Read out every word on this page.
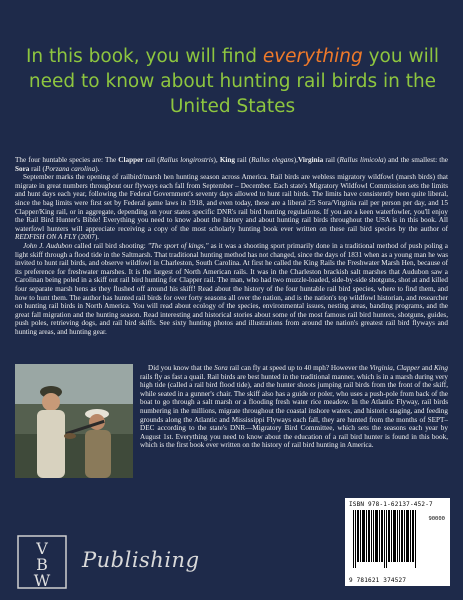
In this book, you will find everything you will need to know about hunting rail birds in the United States

The four huntable species are: The Clapper rail (Rallus longirostris), King rail (Rallus elegans),Virginia rail (Rallus limicola) and the smallest: the Sora rail (Porzana carolina).

September marks the opening of railbird/marsh hen hunting season across America. Rail birds are webless migratory wildfowl (marsh birds) that migrate in great numbers throughout our flyways each fall from September – December. Each state's Migratory Wildfowl Commission sets the limits and hunt days each year, following the Federal Government's seventy days allowed to hunt rail birds. The limits have consistently been quite liberal, since the bag limits were first set by Federal game laws in 1918, and even today, these are a liberal 25 Sora/Virginia rail per person per day, and 15 Clapper/King rail, or in aggregate, depending on your states specific DNR's rail bird hunting regulations. If you are a keen waterfowler, you'll enjoy the Rail Bird Hunter's Bible! Everything you need to know about the history and about hunting rail birds throughout the USA is in this book. All waterfowl hunters will appreciate receiving a copy of the most scholarly hunting book ever written on these rail bird species by the author of REDFISH ON A FLY (2007).

John J. Audubon called rail bird shooting: "The sport of kings," as it was a shooting sport primarily done in a traditional method of push poling a light skiff through a flood tide in the Saltmarsh. That traditional hunting method has not changed, since the days of 1831 when as a young man he was invited to hunt rail birds, and observe wildfowl in Charleston, South Carolina. At first he called the King Rails the Freshwater Marsh Hen, because of its preference for freshwater marshes. It is the largest of North American rails. It was in the Charleston brackish salt marshes that Audubon saw a Carolinan being poled in a skiff out rail bird hunting for Clapper rail. The man, who had two muzzle-loaded, side-by-side shotguns, shot at and killed four separate marsh hens as they flushed off around his skiff! Read about the history of the four huntable rail bird species, where to find them, and how to hunt them. The author has hunted rail birds for over forty seasons all over the nation, and is the nation's top wildfowl historian, and researcher on hunting rail birds in North America. You will read about ecology of the species, environmental issues, nesting areas, banding programs, and the great fall migration and the hunting season. Read interesting and historical stories about some of the most famous rail bird hunters, shotguns, guides, push poles, retrieving dogs, and rail bird skiffs. See sixty hunting photos and illustrations from around the nation's greatest rail bird flyways and hunting areas, and hunting gear.

Did you know that the Sora rail can fly at speed up to 40 mph? However the Virginia, Clapper and King rails fly as fast a quail. Rail birds are best hunted in the traditional manner, which is in a marsh during very high tide (called a rail bird flood tide), and the hunter shoots jumping rail birds from the front of the skiff, while seated in a gunner's chair. The skiff also has a guide or poler, who uses a push-pole from back of the boat to go through a salt marsh or a flooding fresh water rice meadow. In the Atlantic Flyway, rail birds numbering in the millions, migrate throughout the coastal inshore waters, and historic staging, and feeding grounds along the Atlantic and Mississippi Flyways each fall, they are hunted from the months of SEPT–DEC according to the state's DNR—Migratory Bird Committee, which sets the seasons each year by August 1st. Everything you need to know about the education of a rail bird hunter is found in this book, which is the first book ever written on the history of rail bird hunting in America.
ISBN 978-1-62137-452-7
90000
9 781621 374527
V
B
W
Publishing
